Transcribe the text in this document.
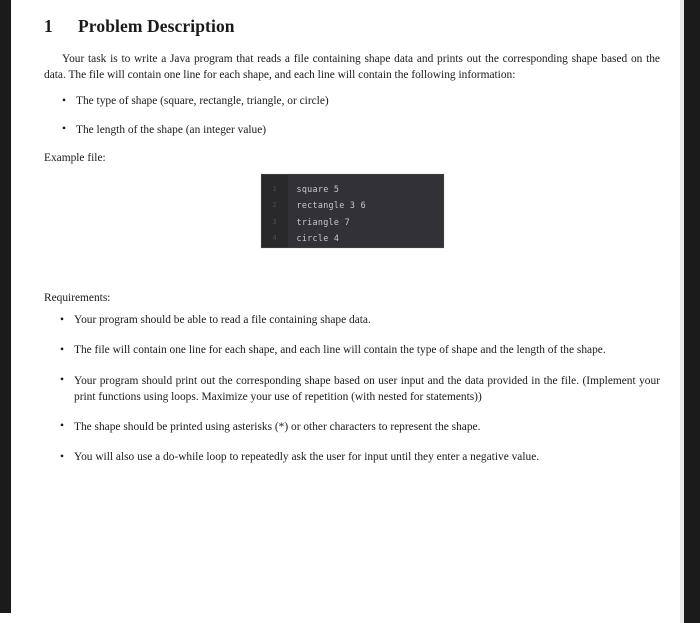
1	Problem Description

Your task is to write a Java program that reads a file containing shape data and prints out the corresponding shape based on the data. The file will contain one line for each shape, and each line will contain the following information:

• The type of shape (square, rectangle, triangle, or circle)
• The length of the shape (an integer value)

Example file:

1
2
3
4
square 5
rectangle 3 6
triangle 7
circle 4

Requirements:

• Your program should be able to read a file containing shape data.
• The file will contain one line for each shape, and each line will contain the type of shape and the length of the shape.
• Your program should print out the corresponding shape based on user input and the data provided in the file. (Implement your print functions using loops. Maximize your use of repetition (with nested for statements))
• The shape should be printed using asterisks (*) or other characters to represent the shape.
• You will also use a do-while loop to repeatedly ask the user for input until they enter a negative value.
